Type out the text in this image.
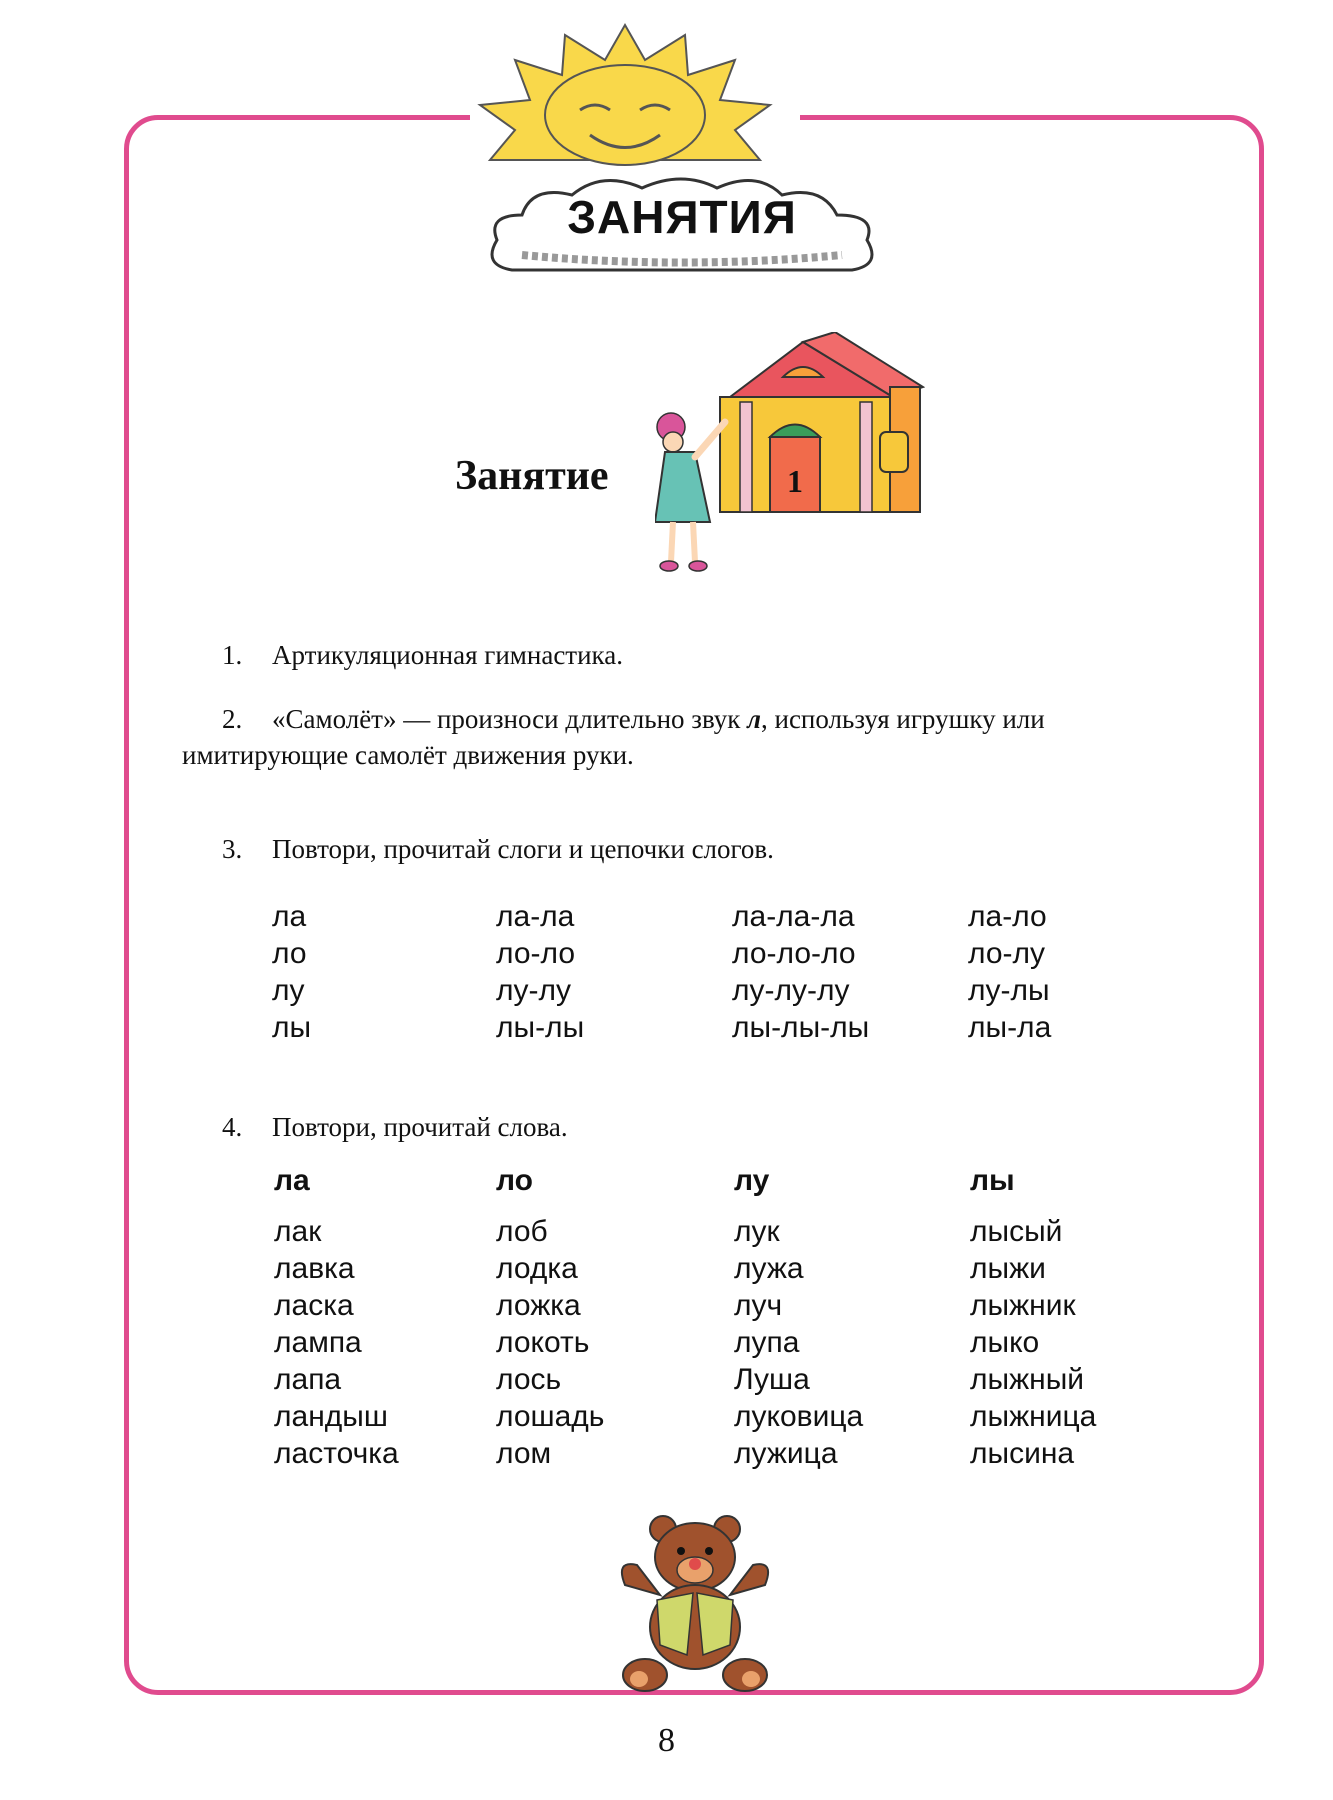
ЗАНЯТИЯ
Занятие	1
1. Артикуляционная гимнастика.
2. «Самолёт» — произноси длительно звук л, используя игрушку или
имитирующие самолёт движения руки.
3. Повтори, прочитай слоги и цепочки слогов.
ла
ло
лу
лы
ла-ла
ло-ло
лу-лу
лы-лы
ла-ла-ла
ло-ло-ло
лу-лу-лу
лы-лы-лы
ла-ло
ло-лу
лу-лы
лы-ла
4. Повтори, прочитай слова.
ла
лак
лавка
ласка
лампа
лапа
ландыш
ласточка
ло
лоб
лодка
ложка
локоть
лось
лошадь
лом
лу
лук
лужа
луч
лупа
Луша
луковица
лужица
лы
лысый
лыжи
лыжник
лыко
лыжный
лыжница
лысина
8
